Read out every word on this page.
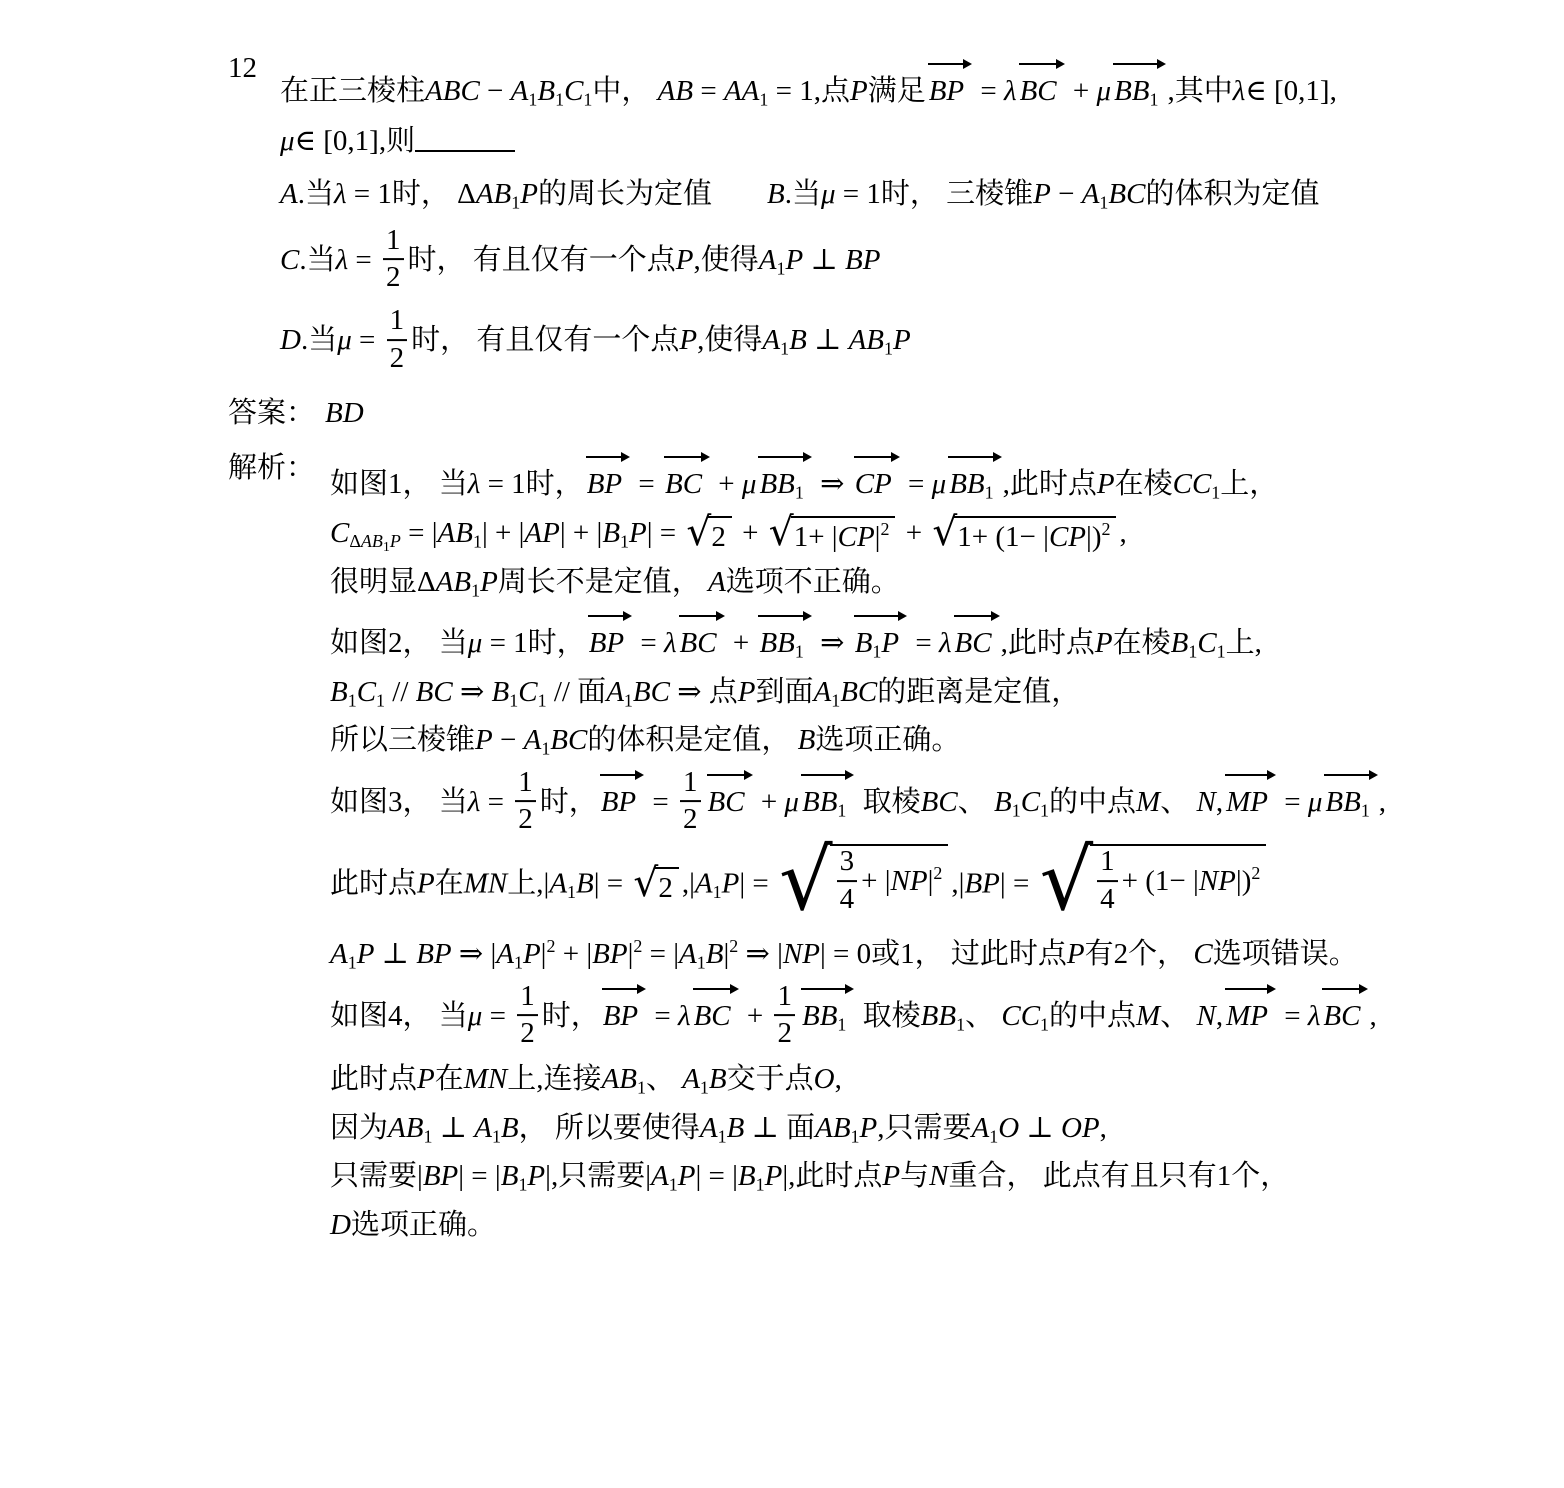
12
在正三棱柱ABC − A1B1C1中， AB = AA1 = 1,点P满足 BP = λ BC + μ BB1 ,其中λ∈ [0,1],
μ∈ [0,1],则
A.当λ = 1时， ΔAB1P的周长为定值 B.当μ = 1时， 三棱锥P − A1BC的体积为定值
C.当$\lambda = \frac{1}{2}$ 时， 有且仅有一个点P,使得A1P ⊥ BP
D.当$\mu = \frac{1}{2}$ 时， 有且仅有一个点P,使得A1B ⊥ AB1P
答案： BD
解析： 如图1， 当λ = 1时， BP = BC + μ BB1 ⇒ CP = μ BB1 ,此时点P在棱CC1上，
$C\Delta AB_1P = |AB1| + |AP| + |B1P|$ = √ 2 + √ $1+ |CP|^2$ + √ $1+ (1- |CP|)^2$ ,
很明显ΔAB1P周长不是定值， A选项不正确。
如图2， 当μ = 1时， BP = λ BC + BB1 ⇒ B1P = λ BC ,此时点P在棱B1C1上,
B1C1 // BC ⇒ B1C1 // 面A1BC ⇒ 点P到面A1BC的距离是定值，
所以三棱锥P − A1BC的体积是定值， B选项正确。
如图3， 当$\lambda = \frac{1}{2}$ 时， BP = $\frac{1}{2}$ BC + μ BB1 取棱BC、 B1C1的中点M、 N, MP = μ BB1 ,
此时点P在MN上,|A1B| = √ 2 ,|A1P| = √ $\frac{3}{4} + |NP|^2$ ,|BP| = √ $\frac{1}{4} + (1- |NP|)^2$
A1P ⊥ BP ⇒ $|A1P|^2 + |BP|^2 = |A1B|^2$ ⇒ |NP| = 0或1， 过此时点P有2个， C选项错误。
如图4， 当$\mu = \frac{1}{2}$ 时， BP = λ BC + $\frac{1}{2} BB1$ 取棱BB1、 CC1的中点M、 N, MP = λ BC ,
此时点P在MN上,连接AB1、 A1B交于点O,
因为AB1 ⊥ A1B， 所以要使得A1B ⊥ 面AB1P,只需要A1O ⊥ OP,
只需要|BP| = |B1P|,只需要|A1P| = |B1P|,此时点P与N重合， 此点有且只有1个，
D选项正确。
